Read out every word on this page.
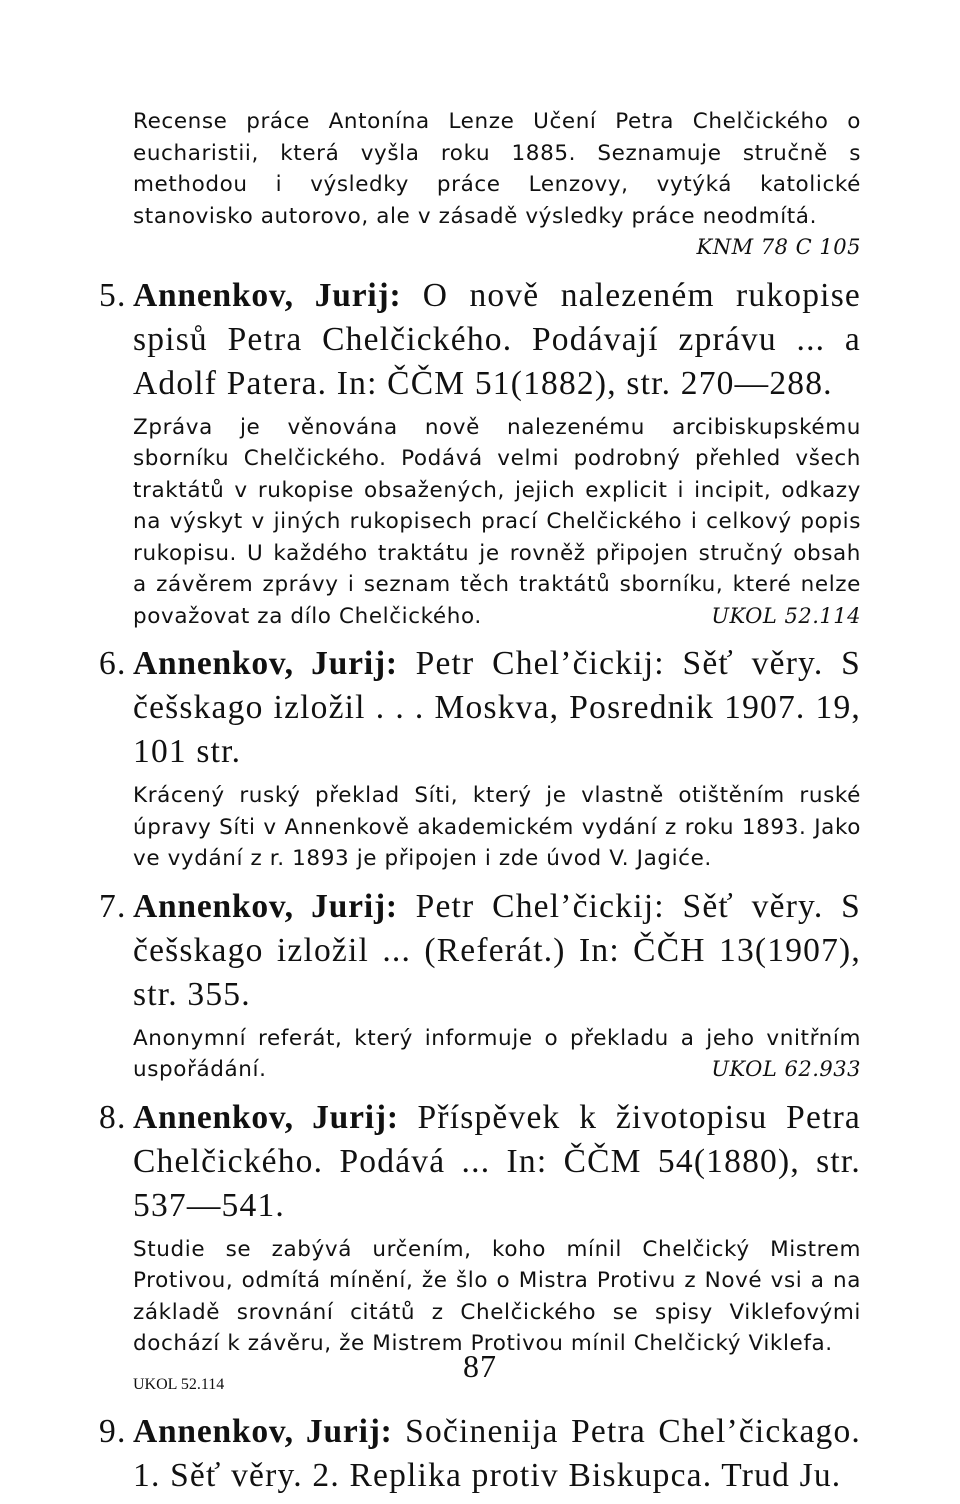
Recense práce Antonína Lenze Učení Petra Chelčického o eucharistii, která vyšla roku 1885. Seznamuje stručně s methodou i výsledky práce Lenzovy, vytýká katolické stanovisko autorovo, ale v zásadě výsledky práce neodmítá.
KNM 78 C 105

5. Annenkov, Jurij: O nově nalezeném rukopise spisů Petra Chelčického. Podávají zprávu ... a Adolf Patera. In: ČČM 51(1882), str. 270—288.

Zpráva je věnována nově nalezenému arcibiskupskému sborníku Chelčického. Podává velmi podrobný přehled všech traktátů v rukopise obsažených, jejich explicit i incipit, odkazy na výskyt v jiných rukopisech prací Chelčického i celkový popis rukopisu. U každého traktátu je rovněž připojen stručný obsah a závěrem zprávy i seznam těch traktátů sborníku, které nelze považovat za dílo Chelčického.	UKOL 52.114

6. Annenkov, Jurij: Petr Chel’čickij: Sěť věry. S češskago izložil . . . Moskva, Posrednik 1907. 19, 101 str.

Krácený ruský překlad Síti, který je vlastně otištěním ruské úpravy Síti v Annenkově akademickém vydání z roku 1893. Jako ve vydání z r. 1893 je připojen i zde úvod V. Jagiće.

7. Annenkov, Jurij: Petr Chel’čickij: Sěť věry. S češskago izložil ... (Referát.) In: ČČH 13(1907), str. 355.

Anonymní referát, který informuje o překladu a jeho vnitřním uspořádání.	UKOL 62.933

8. Annenkov, Jurij: Příspěvek k životopisu Petra Chelčického. Podává ... In: ČČM 54(1880), str. 537—541.

Studie se zabývá určením, koho mínil Chelčický Mistrem Protivou, odmítá mínění, že šlo o Mistra Protivu z Nové vsi a na základě srovnání citátů z Chelčického se spisy Viklefovými dochází k závěru, že Mistrem Protivou mínil Chelčický Viklefa.

UKOL 52.114

9. Annenkov, Jurij: Sočinenija Petra Chel’čickago. 1. Sěť věry. 2. Replika protiv Biskupca. Trud Ju.

87
